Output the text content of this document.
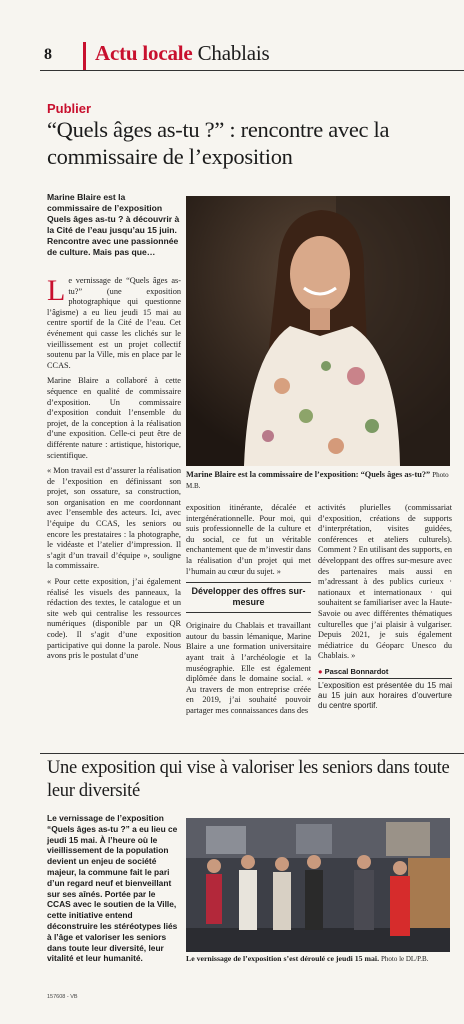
8 Actu locale Chablais
Publier
“Quels âges as-tu ?” : rencontre avec la commissaire de l’exposition
Marine Blaire est la commissaire de l’exposition Quels âges as-tu ? à découvrir à la Cité de l’eau jusqu’au 15 juin. Rencontre avec une passionnée de culture. Mais pas que…

Le vernissage de “Quels âges as-tu?” (une exposition photographique qui questionne l’âgisme) a eu lieu jeudi 15 mai au centre sportif de la Cité de l’eau. Cet événement qui casse les clichés sur le vieillissement est un projet collectif soutenu par la Ville, mis en place par le CCAS.

Marine Blaire a collaboré à cette séquence en qualité de commissaire d’exposition. Un commissaire d’exposition conduit l’ensemble du projet, de la conception à la réalisation d’une exposition. Celle-ci peut être de différente nature : artistique, historique, scientifique.

« Mon travail est d’assurer la réalisation de l’exposition en définissant son projet, son ossature, sa construction, son organisation en me coordonnant avec l’ensemble des acteurs. Ici, avec l’équipe du CCAS, les seniors ou encore les prestataires : la photographe, le vidéaste et l’atelier d’impression. Il s’agit d’un travail d’équipe », souligne la commissaire.

« Pour cette exposition, j’ai également réalisé les visuels des panneaux, la rédaction des textes, le catalogue et un site web qui centralise les ressources numériques (disponible par un QR code). Il s’agit d’une exposition participative qui donne la parole. Nous avons pris le postulat d’une

Marine Blaire est la commissaire de l’exposition: “Quels âges as-tu?” Photo M.B.

exposition itinérante, décalée et intergénérationnelle. Pour moi, qui suis professionnelle de la culture et du social, ce fut un véritable enchantement que de m’investir dans la réalisation d’un projet qui met l’humain au cœur du sujet. »

Développer des offres sur-mesure

Originaire du Chablais et travaillant autour du bassin lémanique, Marine Blaire a une formation universitaire ayant trait à l’archéologie et la muséographie. Elle est également diplômée dans le domaine social. « Au travers de mon entreprise créée en 2019, j’ai souhaité pouvoir partager mes connaissances dans des

activités plurielles (commissariat d’exposition, créations de supports d’interprétation, visites guidées, conférences et ateliers culturels). Comment ? En utilisant des supports, en développant des offres sur-mesure avec des partenaires mais aussi en m’adressant à des publics curieux · nationaux et internationaux · qui souhaitent se familiariser avec la Haute-Savoie ou avec différentes thématiques culturelles que j’ai plaisir à vulgariser. Depuis 2021, je suis également médiatrice du Géoparc Unesco du Chablais. »

● Pascal Bonnardot
L’exposition est présentée du 15 mai au 15 juin aux horaires d’ouverture du centre sportif.
Une exposition qui vise à valoriser les seniors dans toute leur diversité
Le vernissage de l’exposition “Quels âges as-tu ?” a eu lieu ce jeudi 15 mai. À l’heure où le vieillissement de la population devient un enjeu de société majeur, la commune fait le pari d’un regard neuf et bienveillant sur ses aînés. Portée par le CCAS avec le soutien de la Ville, cette initiative entend déconstruire les stéréotypes liés à l’âge et valoriser les seniors dans toute leur diversité, leur vitalité et leur humanité.	Le vernissage de l’exposition s’est déroulé ce jeudi 15 mai. Photo le DL/P.B.
157608 - VB
